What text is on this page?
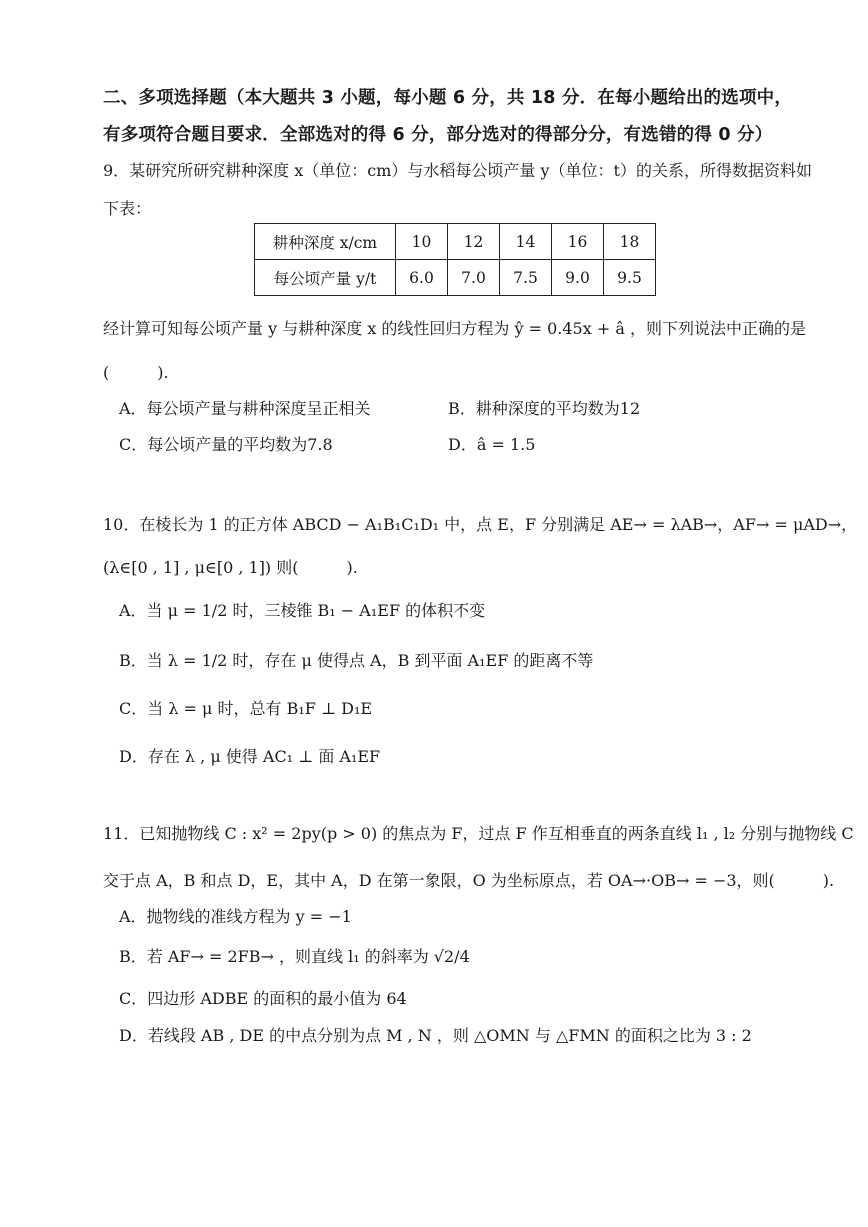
二、多项选择题（本大题共 3 小题，每小题 6 分，共 18 分．在每小题给出的选项中，
有多项符合题目要求．全部选对的得 6 分，部分选对的得部分分，有选错的得 0 分）
9．某研究所研究耕种深度 x（单位：cm）与水稻每公顷产量 y（单位：t）的关系，所得数据资料如
下表：
耕种深度 x/cm	10	12	14	16	18
每公顷产量 y/t	6.0	7.0	7.5	9.0	9.5
经计算可知每公顷产量 y 与耕种深度 x 的线性回归方程为 ŷ = 0.45x + â ，则下列说法中正确的是
(　　　).
A．每公顷产量与耕种深度呈正相关	B．耕种深度的平均数为12
C．每公顷产量的平均数为7.8	D．â = 1.5
10．在棱长为 1 的正方体 ABCD − A₁B₁C₁D₁ 中，点 E，F 分别满足 AE→ = λAB→，AF→ = μAD→，
(λ∈[0 , 1] , μ∈[0 , 1]) 则(　　　).
A．当 μ = 1/2 时，三棱锥 B₁ − A₁EF 的体积不变
B．当 λ = 1/2 时，存在 μ 使得点 A，B 到平面 A₁EF 的距离不等
C．当 λ = μ 时，总有 B₁F ⊥ D₁E
D．存在 λ , μ 使得 AC₁ ⊥ 面 A₁EF
11．已知抛物线 C : x² = 2py(p > 0) 的焦点为 F，过点 F 作互相垂直的两条直线 l₁ , l₂ 分别与抛物线 C
交于点 A，B 和点 D，E，其中 A，D 在第一象限，O 为坐标原点，若 OA→·OB→ = −3，则(　　　).
A．抛物线的准线方程为 y = −1
B．若 AF→ = 2FB→ ，则直线 l₁ 的斜率为 √2/4
C．四边形 ADBE 的面积的最小值为 64
D．若线段 AB , DE 的中点分别为点 M , N ，则 △OMN 与 △FMN 的面积之比为 3 : 2
